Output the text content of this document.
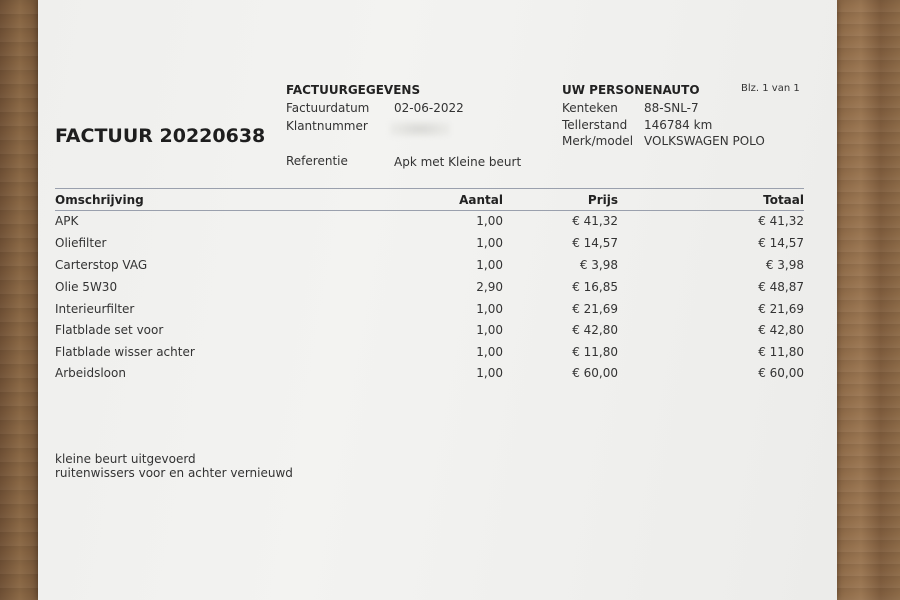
FACTUUR 20220638
FACTUURGEGEVENS
Factuurdatum 02-06-2022
Klantnummer
Referentie	Apk met Kleine beurt
UW PERSONENAUTO	Blz. 1 van 1
Kenteken 88-SNL-7
Tellerstand 146784 km
Merk/model VOLKSWAGEN POLO
Omschrijving	Aantal	Prijs	Totaal
APK	1,00	€ 41,32	€ 41,32
Oliefilter	1,00	€ 14,57	€ 14,57
Carterstop VAG	1,00	€ 3,98	€ 3,98
Olie 5W30	2,90	€ 16,85	€ 48,87
Interieurfilter	1,00	€ 21,69	€ 21,69
Flatblade set voor	1,00	€ 42,80	€ 42,80
Flatblade wisser achter	1,00	€ 11,80	€ 11,80
Arbeidsloon	1,00	€ 60,00	€ 60,00
kleine beurt uitgevoerd
ruitenwissers voor en achter vernieuwd
